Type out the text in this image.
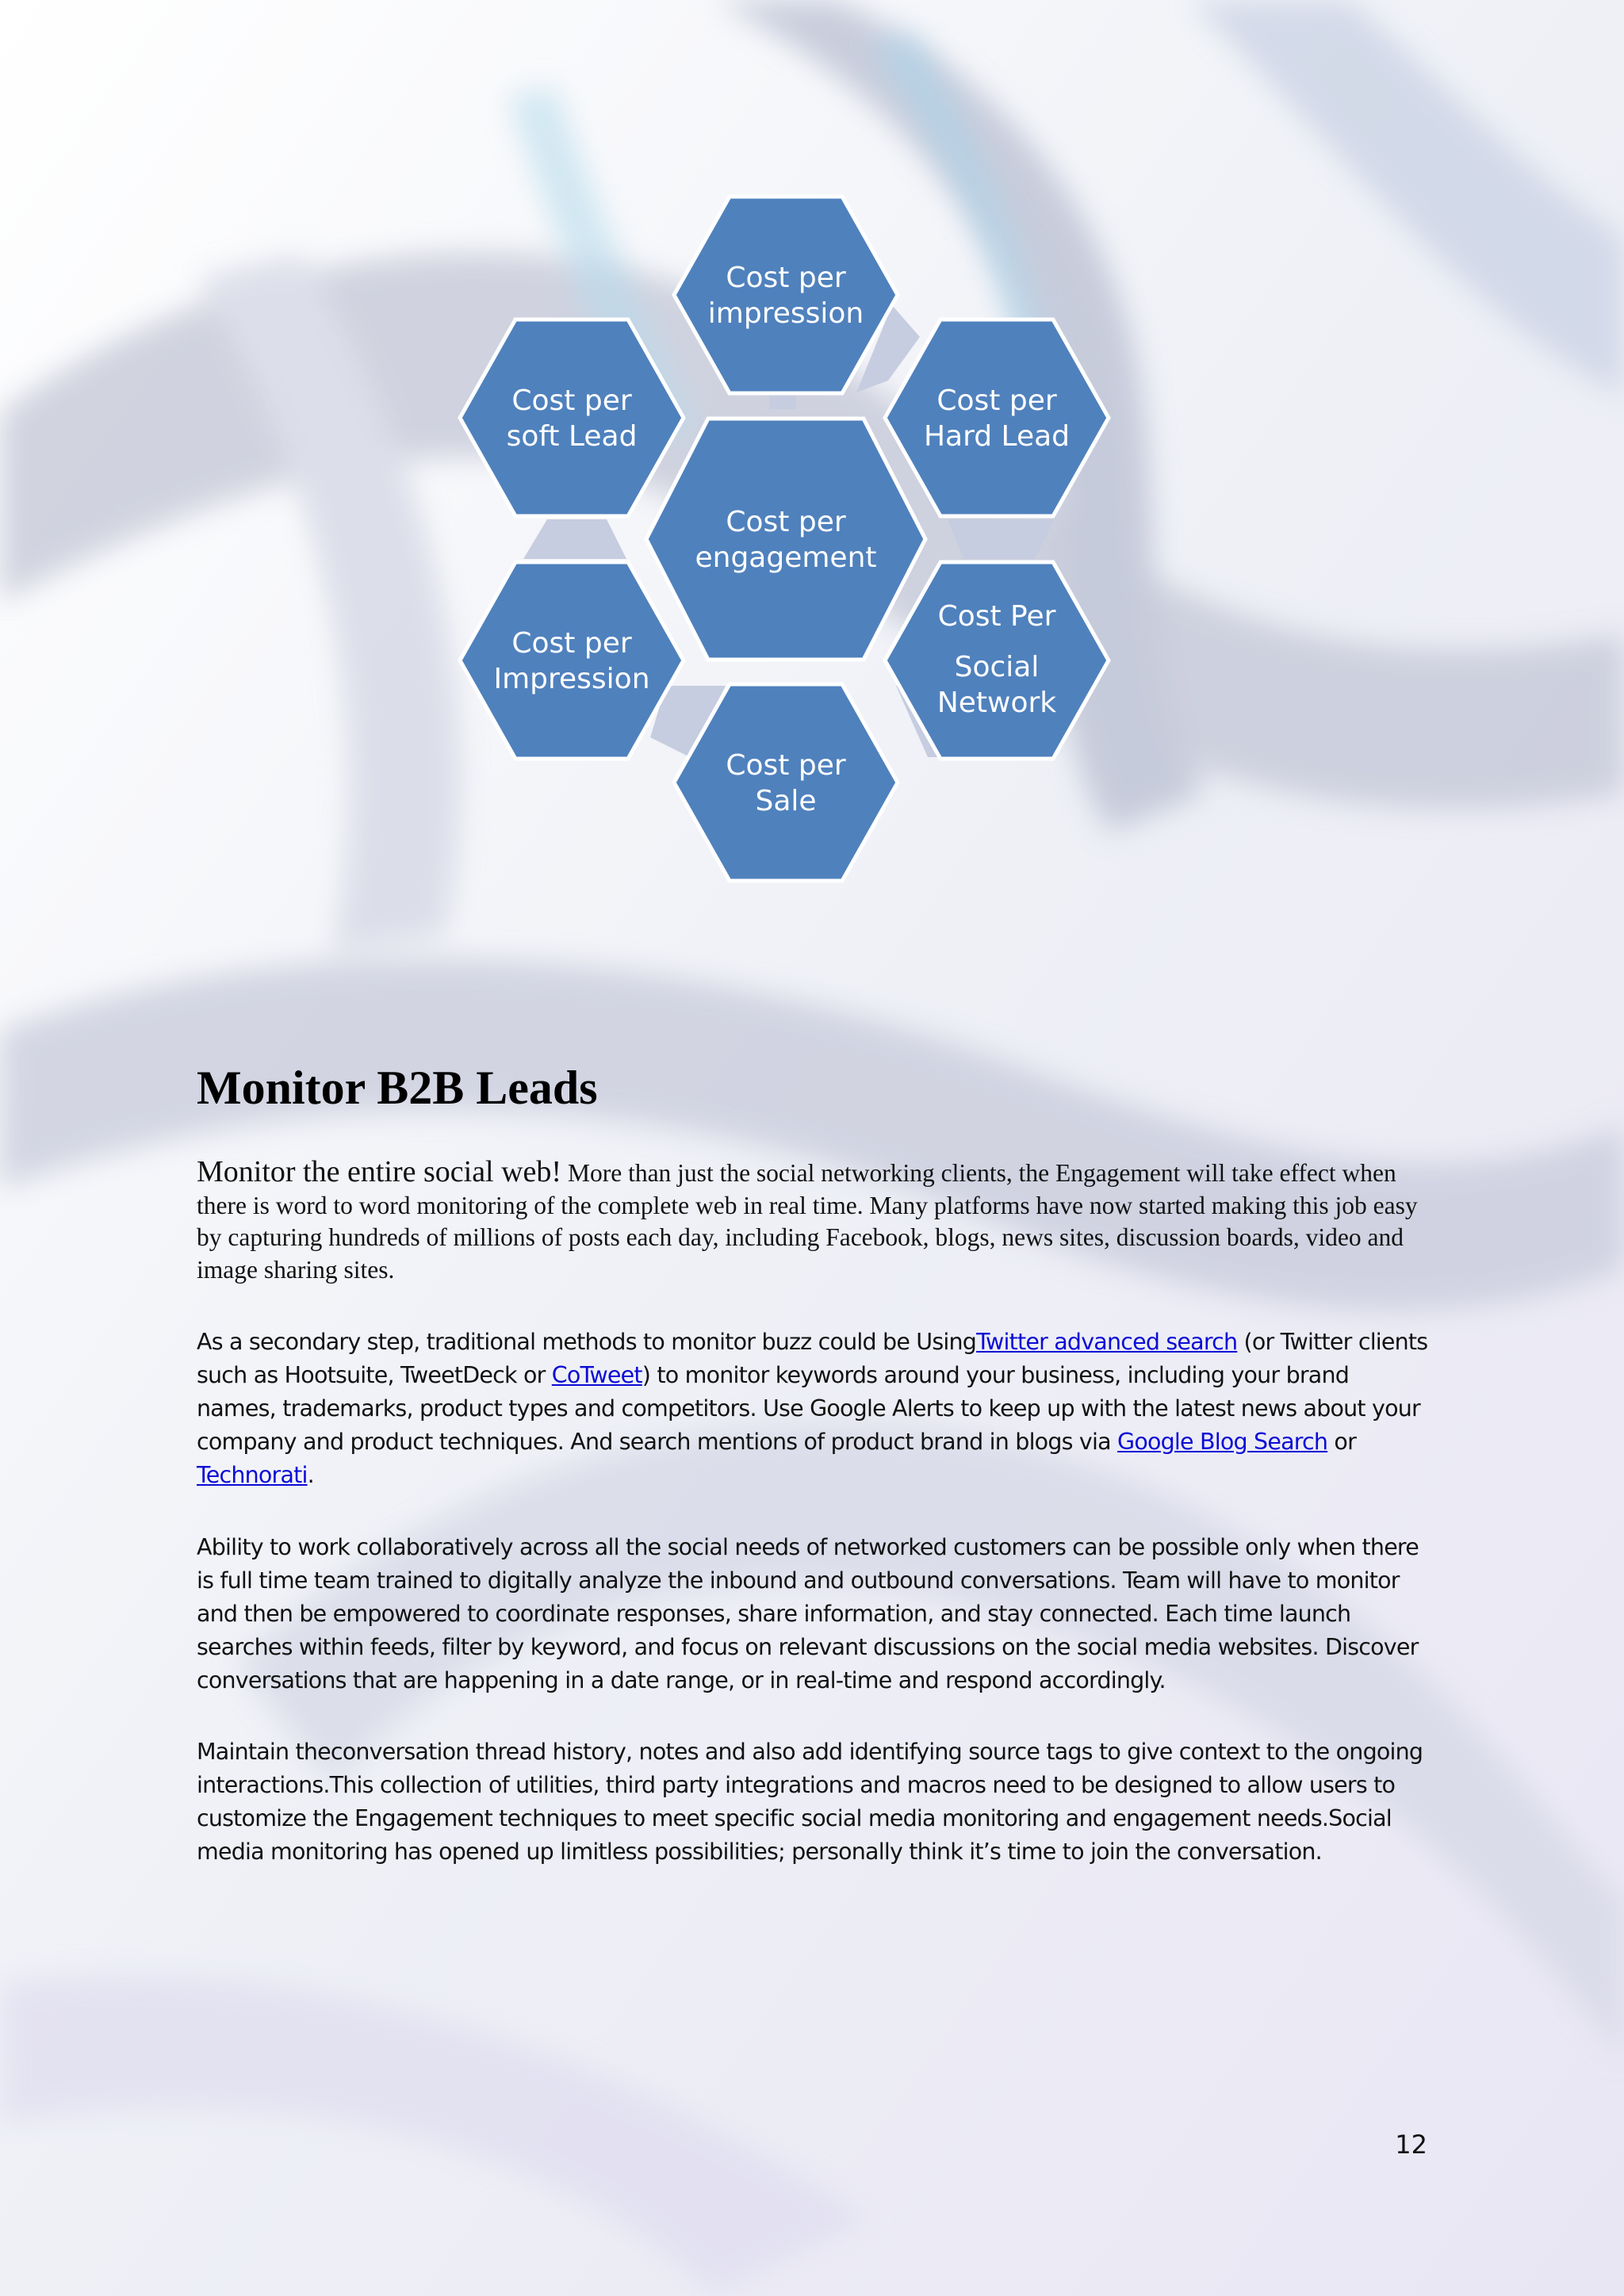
Cost per impression
Cost per soft Lead
Cost per Hard Lead
Cost per Impression
Cost Per Social Network
Cost per Sale
Cost per engagement
Monitor B2B Leads

Monitor the entire social web! More than just the social networking clients, the Engagement will take effect when there is word to word monitoring of the complete web in real time. Many platforms have now started making this job easy by capturing hundreds of millions of posts each day, including Facebook, blogs, news sites, discussion boards, video and image sharing sites.

As a secondary step, traditional methods to monitor buzz could be UsingTwitter advanced search (or Twitter clients such as Hootsuite, TweetDeck or CoTweet) to monitor keywords around your business, including your brand names, trademarks, product types and competitors. Use Google Alerts to keep up with the latest news about your company and product techniques. And search mentions of product brand in blogs via Google Blog Search or Technorati.

Ability to work collaboratively across all the social needs of networked customers can be possible only when there is full time team trained to digitally analyze the inbound and outbound conversations. Team will have to monitor and then be empowered to coordinate responses, share information, and stay connected. Each time launch searches within feeds, filter by keyword, and focus on relevant discussions on the social media websites. Discover conversations that are happening in a date range, or in real-time and respond accordingly.

Maintain theconversation thread history, notes and also add identifying source tags to give context to the ongoing interactions.This collection of utilities, third party integrations and macros need to be designed to allow users to customize the Engagement techniques to meet specific social media monitoring and engagement needs.Social media monitoring has opened up limitless possibilities; personally think it’s time to join the conversation.

12
